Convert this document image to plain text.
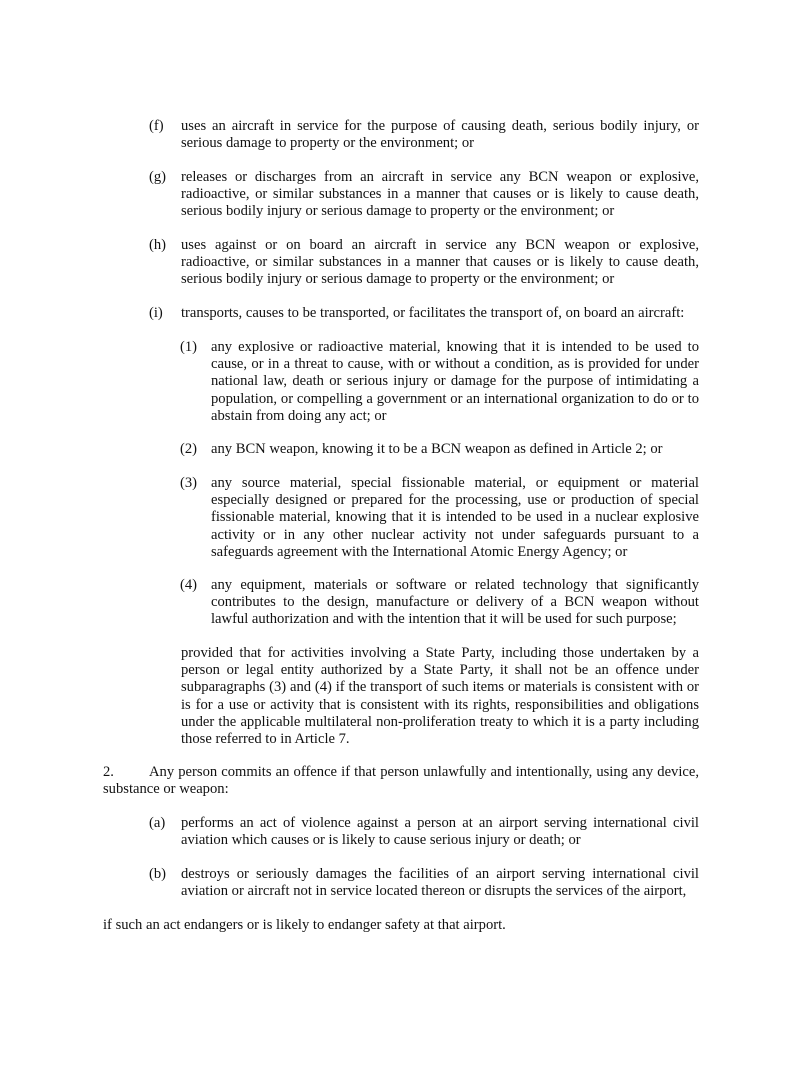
(f) uses an aircraft in service for the purpose of causing death, serious bodily injury, or serious damage to property or the environment; or
(g) releases or discharges from an aircraft in service any BCN weapon or explosive, radioactive, or similar substances in a manner that causes or is likely to cause death, serious bodily injury or serious damage to property or the environment; or
(h) uses against or on board an aircraft in service any BCN weapon or explosive, radioactive, or similar substances in a manner that causes or is likely to cause death, serious bodily injury or serious damage to property or the environment; or
(i) transports, causes to be transported, or facilitates the transport of, on board an aircraft:
(1) any explosive or radioactive material, knowing that it is intended to be used to cause, or in a threat to cause, with or without a condition, as is provided for under national law, death or serious injury or damage for the purpose of intimidating a population, or compelling a government or an international organization to do or to abstain from doing any act; or
(2) any BCN weapon, knowing it to be a BCN weapon as defined in Article 2; or
(3) any source material, special fissionable material, or equipment or material especially designed or prepared for the processing, use or production of special fissionable material, knowing that it is intended to be used in a nuclear explosive activity or in any other nuclear activity not under safeguards pursuant to a safeguards agreement with the International Atomic Energy Agency; or
(4) any equipment, materials or software or related technology that significantly contributes to the design, manufacture or delivery of a BCN weapon without lawful authorization and with the intention that it will be used for such purpose;
provided that for activities involving a State Party, including those undertaken by a person or legal entity authorized by a State Party, it shall not be an offence under subparagraphs (3) and (4) if the transport of such items or materials is consistent with or is for a use or activity that is consistent with its rights, responsibilities and obligations under the applicable multilateral non-proliferation treaty to which it is a party including those referred to in Article 7.
2. Any person commits an offence if that person unlawfully and intentionally, using any device, substance or weapon:
(a) performs an act of violence against a person at an airport serving international civil aviation which causes or is likely to cause serious injury or death; or
(b) destroys or seriously damages the facilities of an airport serving international civil aviation or aircraft not in service located thereon or disrupts the services of the airport,
if such an act endangers or is likely to endanger safety at that airport.
